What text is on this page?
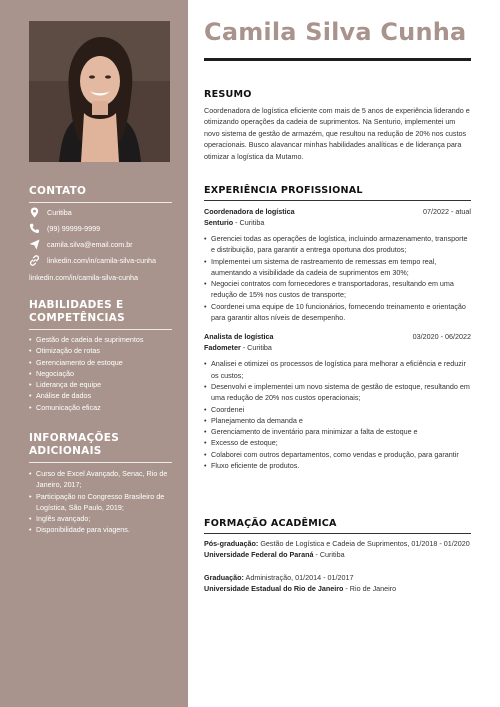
CONTATO
Curitiba
(99) 99999-9999
camila.silva@email.com.br
linkedin.com/in/camila-silva-cunha
linkedin.com/in/camila-silva-cunha
HABILIDADES E
COMPETÊNCIAS
• Gestão de cadeia de suprimentos
• Otimização de rotas
• Gerenciamento de estoque
• Negociação
• Liderança de equipe
• Análise de dados
• Comunicação eficaz
INFORMAÇÕES ADICIONAIS
• Curso de Excel Avançado, Senac, Rio de Janeiro, 2017;
• Participação no Congresso Brasileiro de Logística, São Paulo, 2019;
• Inglês avançado;
• Disponibilidade para viagens.
Camila Silva Cunha
RESUMO

Coordenadora de logística eficiente com mais de 5 anos de experiência liderando e otimizando operações da cadeia de suprimentos. Na Senturio, implementei um novo sistema de gestão de armazém, que resultou na redução de 20% nos custos operacionais. Busco alavancar minhas habilidades analíticas e de liderança para otimizar a logística da Mutamo.

EXPERIÊNCIA PROFISSIONAL
Coordenadora de logística	07/2022 - atual
Senturio - Curitiba
• Gerenciei todas as operações de logística, incluindo armazenamento, transporte e distribuição, para garantir a entrega oportuna dos produtos;
• Implementei um sistema de rastreamento de remessas em tempo real, aumentando a visibilidade da cadeia de suprimentos em 30%;
• Negociei contratos com fornecedores e transportadoras, resultando em uma redução de 15% nos custos de transporte;
• Coordenei uma equipe de 10 funcionários, fornecendo treinamento e orientação para garantir altos níveis de desempenho.
Analista de logística	03/2020 - 06/2022
Fadometer - Curitiba
• Analisei e otimizei os processos de logística para melhorar a eficiência e reduzir os custos;
• Desenvolvi e implementei um novo sistema de gestão de estoque, resultando em uma redução de 20% nos custos operacionais;
• Coordenei
• Planejamento da demanda e
• Gerenciamento de inventário para minimizar a falta de estoque e
• Excesso de estoque;
• Colaborei com outros departamentos, como vendas e produção, para garantir
• Fluxo eficiente de produtos.
FORMAÇÃO ACADÊMICA

Pós-graduação: Gestão de Logística e Cadeia de Suprimentos, 01/2018 - 01/2020

Universidade Federal do Paraná - Curitiba

Graduação: Administração, 01/2014 - 01/2017

Universidade Estadual do Rio de Janeiro - Rio de Janeiro
